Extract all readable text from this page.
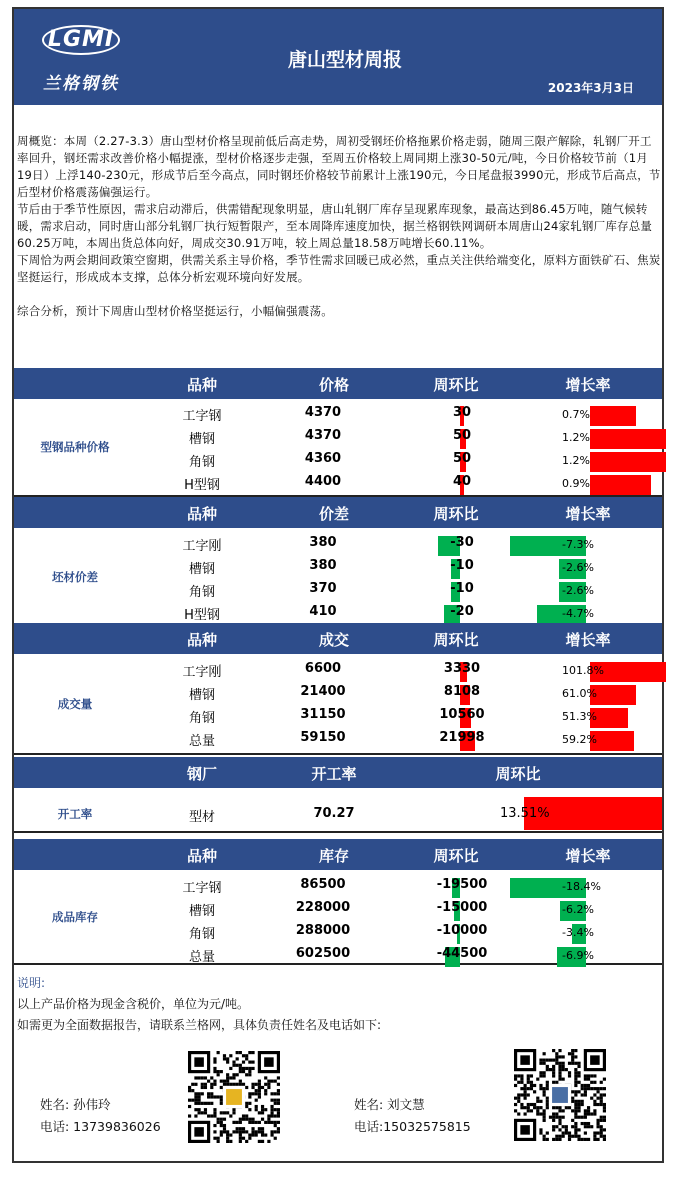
LGMI
兰格钢铁
唐山型材周报
2023年3月3日

周概览：本周（2.27-3.3）唐山型材价格呈现前低后高走势，周初受钢坯价格拖累价格走弱，随周三限产解除，轧钢厂开工率回升，钢坯需求改善价格小幅提涨，型材价格逐步走强，至周五价格较上周同期上涨30-50元/吨，今日价格较节前（1月19日）上浮140-230元，形成节后至今高点，同时钢坯价格较节前累计上涨190元，今日尾盘报3990元，形成节后高点，节后型材价格震荡偏强运行。

节后由于季节性原因，需求启动滞后，供需错配现象明显，唐山轧钢厂库存呈现累库现象，最高达到86.45万吨，随气候转暖，需求启动，同时唐山部分轧钢厂执行短暂限产，至本周降库速度加快，据兰格钢铁网调研本周唐山24家轧钢厂库存总量60.25万吨，本周出货总体向好，周成交30.91万吨，较上周总量18.58万吨增长60.11%。

下周恰为两会期间政策空窗期，供需关系主导价格，季节性需求回暖已成必然，重点关注供给端变化，原料方面铁矿石、焦炭坚挺运行，形成成本支撑，总体分析宏观环境向好发展。

综合分析，预计下周唐山型材价格坚挺运行，小幅偏强震荡。

品种	价格	周环比	增长率
型钢品种价格
工字钢	4370	30	0.7%
槽钢	4370	50	1.2%
角钢	4360	50	1.2%
H型钢	4400	40	0.9%
品种	价差	周环比	增长率
坯材价差
工字刚	380	-30	-7.3%
槽钢	380	-10	-2.6%
角钢	370	-10	-2.6%
H型钢	410	-20	-4.7%
品种	成交	周环比	增长率
成交量
工字刚	6600	3330	101.8%
槽钢	21400	8108	61.0%
角钢	31150	10560	51.3%
总量	59150	21998	59.2%
钢厂	开工率	周环比
开工率	型材	70.27	13.51%
品种	库存	周环比	增长率
成品库存
工字钢	86500	-19500	-18.4%
槽钢	228000	-15000	-6.2%
角钢	288000	-10000	-3.4%
总量	602500	-44500	-6.9%
说明:
以上产品价格为现金含税价，单位为元/吨。
如需更为全面数据报告，请联系兰格网，具体负责任姓名及电话如下:
姓名: 孙伟玲
电话: 13739836026
姓名: 刘文慧
电话:15032575815
